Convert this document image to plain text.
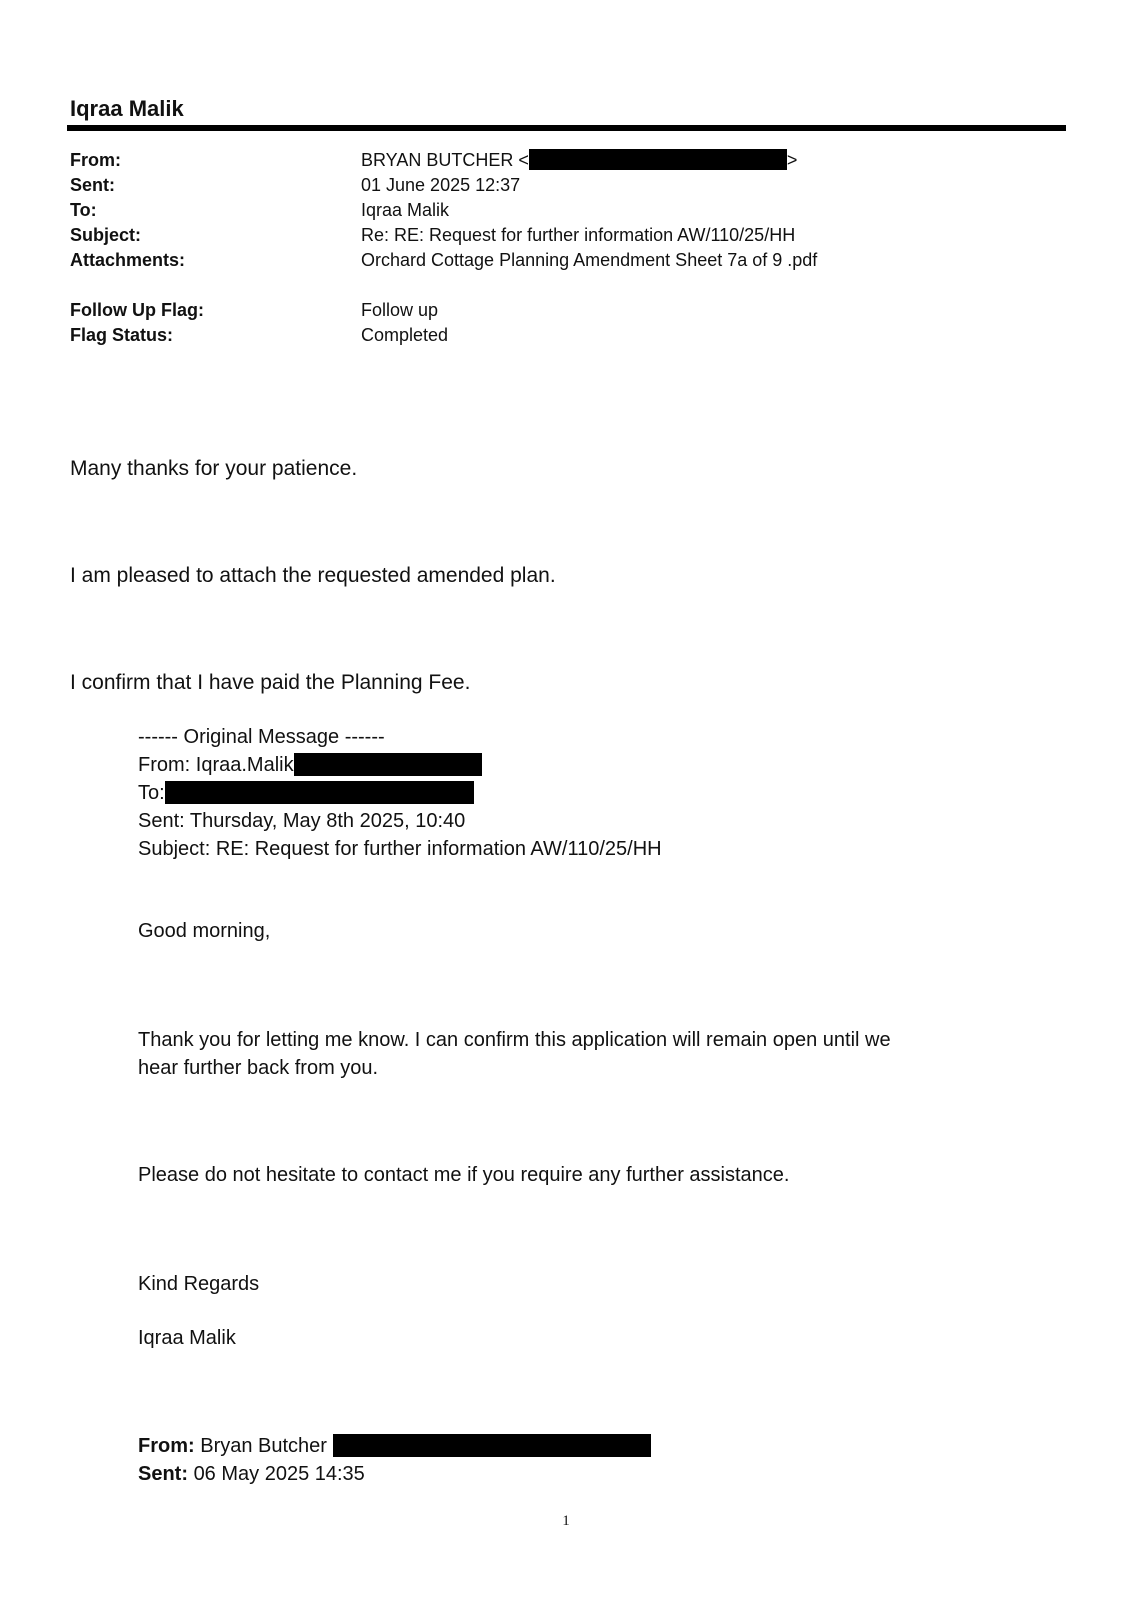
Iqraa Malik
From:	BRYAN BUTCHER <	>
Sent:	01 June 2025 12:37
To:	Iqraa Malik
Subject:	Re: RE: Request for further information AW/110/25/HH
Attachments:	Orchard Cottage Planning Amendment Sheet 7a of 9 .pdf
Follow Up Flag:	Follow up
Flag Status:	Completed
Many thanks for your patience.
I am pleased to attach the requested amended plan.
I confirm that I have paid the Planning Fee.
------ Original Message ------
From: Iqraa.Malik
To:
Sent: Thursday, May 8th 2025, 10:40
Subject: RE: Request for further information AW/110/25/HH
Good morning,
Thank you for letting me know. I can confirm this application will remain open until we
hear further back from you.
Please do not hesitate to contact me if you require any further assistance.
Kind Regards
Iqraa Malik
From: Bryan Butcher
Sent: 06 May 2025 14:35
1
